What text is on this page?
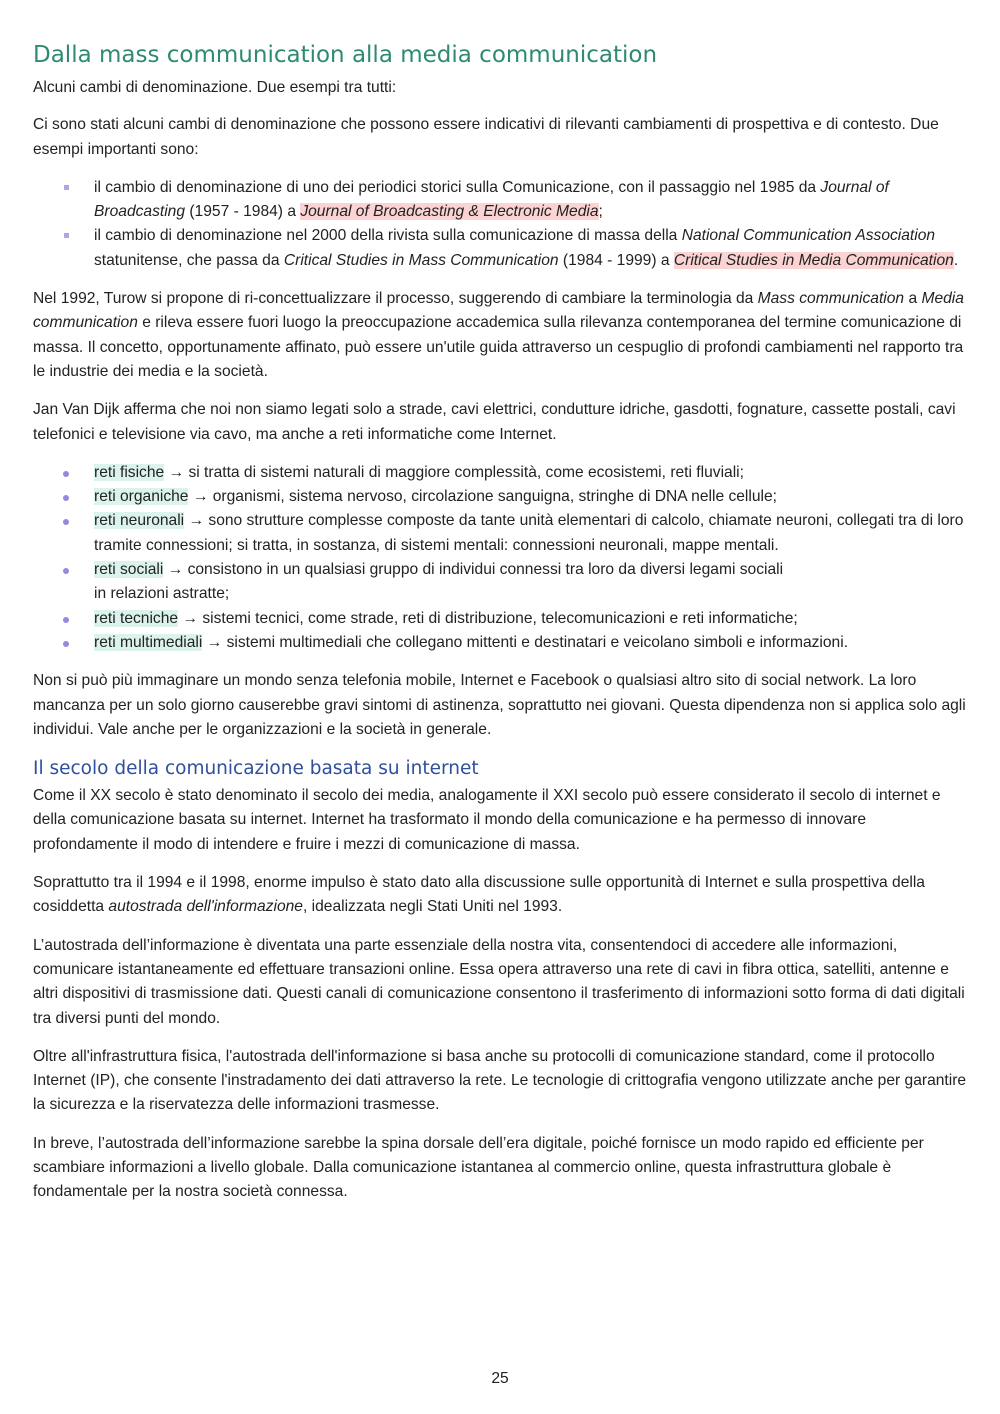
Dalla mass communication alla media communication

Alcuni cambi di denominazione. Due esempi tra tutti:

Ci sono stati alcuni cambi di denominazione che possono essere indicativi di rilevanti cambiamenti di prospettiva e di contesto. Due esempi importanti sono:

il cambio di denominazione di uno dei periodici storici sulla Comunicazione, con il passaggio nel 1985 da Journal of Broadcasting (1957 - 1984) a Journal of Broadcasting & Electronic Media;
il cambio di denominazione nel 2000 della rivista sulla comunicazione di massa della National Communication Association statunitense, che passa da Critical Studies in Mass Communication (1984 - 1999) a Critical Studies in Media Communication.

Nel 1992, Turow si propone di ri-concettualizzare il processo, suggerendo di cambiare la terminologia da Mass communication a Media communication e rileva essere fuori luogo la preoccupazione accademica sulla rilevanza contemporanea del termine comunicazione di massa. Il concetto, opportunamente affinato, può essere un'utile guida attraverso un cespuglio di profondi cambiamenti nel rapporto tra le industrie dei media e la società.

Jan Van Dijk afferma che noi non siamo legati solo a strade, cavi elettrici, condutture idriche, gasdotti, fognature, cassette postali, cavi telefonici e televisione via cavo, ma anche a reti informatiche come Internet.

reti fisiche → si tratta di sistemi naturali di maggiore complessità, come ecosistemi, reti fluviali;
reti organiche → organismi, sistema nervoso, circolazione sanguigna, stringhe di DNA nelle cellule;
reti neuronali → sono strutture complesse composte da tante unità elementari di calcolo, chiamate neuroni, collegati tra di loro tramite connessioni; si tratta, in sostanza, di sistemi mentali: connessioni neuronali, mappe mentali.
reti sociali → consistono in un qualsiasi gruppo di individui connessi tra loro da diversi legami sociali
in relazioni astratte;
reti tecniche → sistemi tecnici, come strade, reti di distribuzione, telecomunicazioni e reti informatiche;
reti multimediali → sistemi multimediali che collegano mittenti e destinatari e veicolano simboli e informazioni.

Non si può più immaginare un mondo senza telefonia mobile, Internet e Facebook o qualsiasi altro sito di social network. La loro mancanza per un solo giorno causerebbe gravi sintomi di astinenza, soprattutto nei giovani. Questa dipendenza non si applica solo agli individui. Vale anche per le organizzazioni e la società in generale.

Il secolo della comunicazione basata su internet

Come il XX secolo è stato denominato il secolo dei media, analogamente il XXI secolo può essere considerato il secolo di internet e della comunicazione basata su internet. Internet ha trasformato il mondo della comunicazione e ha permesso di innovare profondamente il modo di intendere e fruire i mezzi di comunicazione di massa.

Soprattutto tra il 1994 e il 1998, enorme impulso è stato dato alla discussione sulle opportunità di Internet e sulla prospettiva della cosiddetta autostrada dell'informazione, idealizzata negli Stati Uniti nel 1993.

L’autostrada dell’informazione è diventata una parte essenziale della nostra vita, consentendoci di accedere alle informazioni, comunicare istantaneamente ed effettuare transazioni online. Essa opera attraverso una rete di cavi in fibra ottica, satelliti, antenne e altri dispositivi di trasmissione dati. Questi canali di comunicazione consentono il trasferimento di informazioni sotto forma di dati digitali tra diversi punti del mondo.

Oltre all'infrastruttura fisica, l'autostrada dell'informazione si basa anche su protocolli di comunicazione standard, come il protocollo Internet (IP), che consente l'instradamento dei dati attraverso la rete. Le tecnologie di crittografia vengono utilizzate anche per garantire la sicurezza e la riservatezza delle informazioni trasmesse.

In breve, l’autostrada dell’informazione sarebbe la spina dorsale dell’era digitale, poiché fornisce un modo rapido ed efficiente per scambiare informazioni a livello globale. Dalla comunicazione istantanea al commercio online, questa infrastruttura globale è fondamentale per la nostra società connessa.

25
